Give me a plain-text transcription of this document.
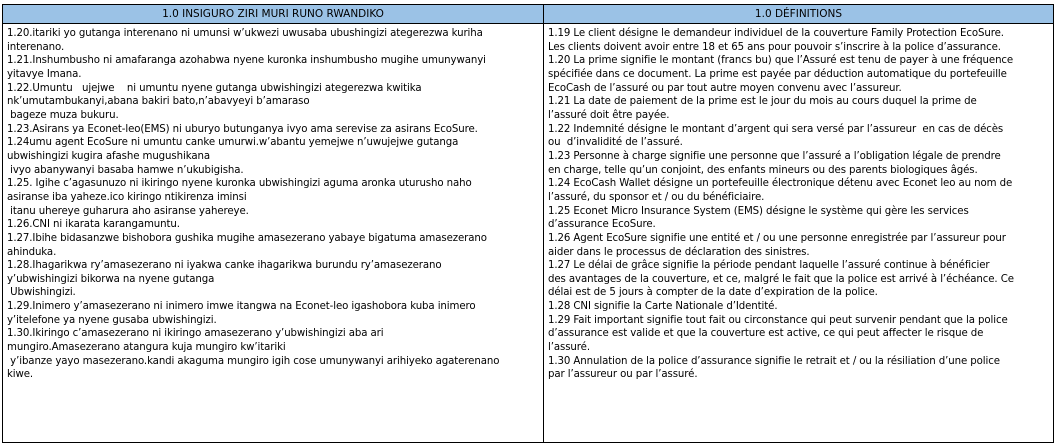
1.0 INSIGURO ZIRI MURI RUNO RWANDIKO	1.0 DÉFINITIONS

1.20.itariki yo gutanga interenano ni umunsi w’ukwezi uwusaba ubushingizi ategerezwa kuriha
interenano.

1.21.Inshumbusho ni amafaranga azohabwa nyene kuronka inshumbusho mugihe umunywanyi
yitavye Imana.

1.22.Umuntu   ujejwe    ni umuntu nyene gutanga ubwishingizi ategerezwa kwitika
nk’umutambukanyi,abana bakiri bato,n’abavyeyi b’amaraso
bageze muza bukuru.

1.23.Asirans ya Econet-leo(EMS) ni uburyo butunganya ivyo ama serevise za asirans EcoSure.

1.24umu agent EcoSure ni umuntu canke umurwi.w’abantu yemejwe n’uwujejwe gutanga
ubwishingizi kugira afashe mugushikana
ivyo abanywanyi basaba hamwe n’ukubigisha.

1.25. Igihe c’agasunuzo ni ikiringo nyene kuronka ubwishingizi aguma aronka uturusho naho
asiranse iba yaheze.ico kiringo ntikirenza iminsi
itanu uhereye guharura aho asiranse yahereye.

1.26.CNI ni ikarata karangamuntu.

1.27.Ibihe bidasanzwe bishobora gushika mugihe amasezerano yabaye bigatuma amasezerano
ahinduka.

1.28.Ihagarikwa ry’amasezerano ni iyakwa canke ihagarikwa burundu ry’amasezerano
y’ubwishingizi bikorwa na nyene gutanga
Ubwishingizi.

1.29.Inimero y’amasezerano ni inimero imwe itangwa na Econet-leo igashobora kuba inimero
y’itelefone ya nyene gusaba ubwishingizi.

1.30.Ikiringo c’amasezerano ni ikiringo amasezerano y’ubwishingizi aba ari
mungiro.Amasezerano atangura kuja mungiro kw’itariki
y’ibanze yayo masezerano.kandi akaguma mungiro igih cose umunywanyi arihiyeko agaterenano
kiwe.

1.19 Le client désigne le demandeur individuel de la couverture Family Protection EcoSure.
Les clients doivent avoir entre 18 et 65 ans pour pouvoir s’inscrire à la police d’assurance.

1.20 La prime signifie le montant (francs bu) que l’Assuré est tenu de payer à une fréquence
spécifiée dans ce document. La prime est payée par déduction automatique du portefeuille
EcoCash de l’assuré ou par tout autre moyen convenu avec l’assureur.

1.21 La date de paiement de la prime est le jour du mois au cours duquel la prime de
l’assuré doit être payée.

1.22 Indemnité désigne le montant d’argent qui sera versé par l’assureur  en cas de décès
ou  d’invalidité de l’assuré.

1.23 Personne à charge signifie une personne que l’assuré a l’obligation légale de prendre
en charge, telle qu’un conjoint, des enfants mineurs ou des parents biologiques âgés.

1.24 EcoCash Wallet désigne un portefeuille électronique détenu avec Econet leo au nom de
l’assuré, du sponsor et / ou du bénéficiaire.

1.25 Econet Micro Insurance System (EMS) désigne le système qui gère les services
d’assurance EcoSure.

1.26 Agent EcoSure signifie une entité et / ou une personne enregistrée par l’assureur pour
aider dans le processus de déclaration des sinistres.

1.27 Le délai de grâce signifie la période pendant laquelle l’assuré continue à bénéficier
des avantages de la couverture, et ce, malgré le fait que la police est arrivé à l’échéance. Ce
délai est de 5 jours à compter de la date d’expiration de la police.

1.28 CNI signifie la Carte Nationale d’Identité.

1.29 Fait important signifie tout fait ou circonstance qui peut survenir pendant que la police
d’assurance est valide et que la couverture est active, ce qui peut affecter le risque de
l’assuré.

1.30 Annulation de la police d’assurance signifie le retrait et / ou la résiliation d’une police
par l’assureur ou par l’assuré.
